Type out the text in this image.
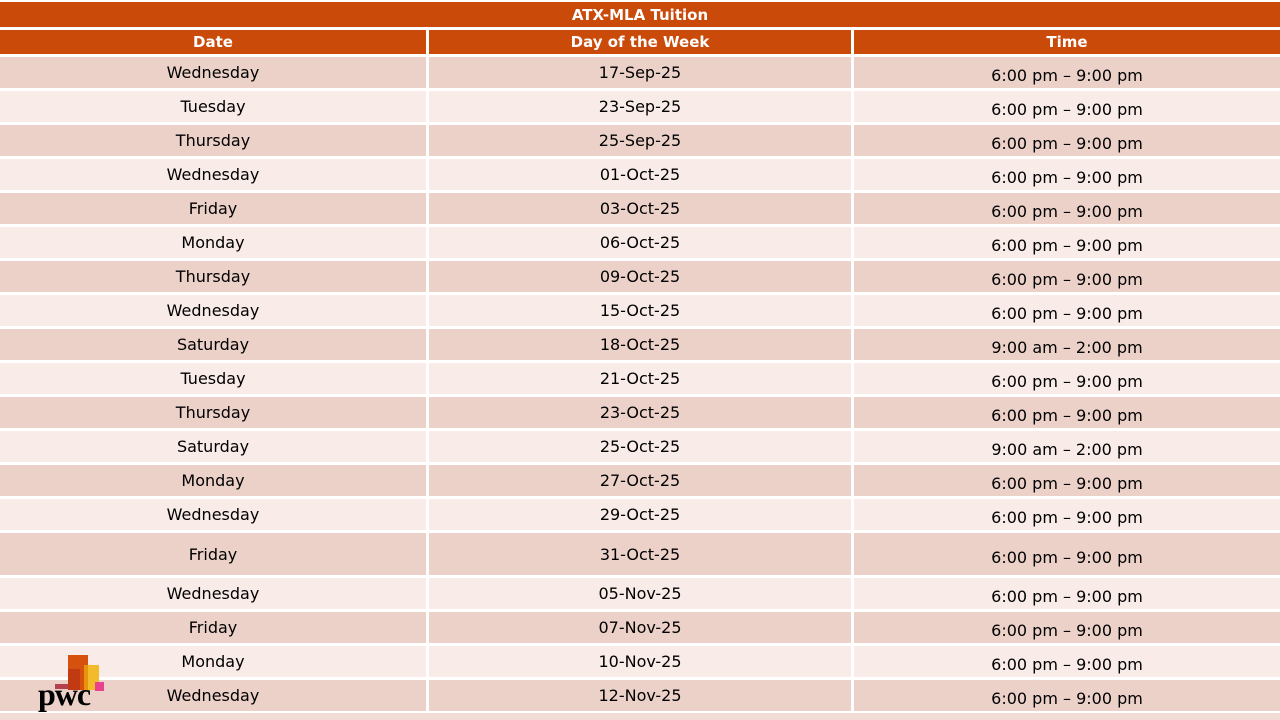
ATX-MLA Tuition
Date	Day of the Week	Time
Wednesday	17-Sep-25	6:00 pm – 9:00 pm
Tuesday	23-Sep-25	6:00 pm – 9:00 pm
Thursday	25-Sep-25	6:00 pm – 9:00 pm
Wednesday	01-Oct-25	6:00 pm – 9:00 pm
Friday	03-Oct-25	6:00 pm – 9:00 pm
Monday	06-Oct-25	6:00 pm – 9:00 pm
Thursday	09-Oct-25	6:00 pm – 9:00 pm
Wednesday	15-Oct-25	6:00 pm – 9:00 pm
Saturday	18-Oct-25	9:00 am – 2:00 pm
Tuesday	21-Oct-25	6:00 pm – 9:00 pm
Thursday	23-Oct-25	6:00 pm – 9:00 pm
Saturday	25-Oct-25	9:00 am – 2:00 pm
Monday	27-Oct-25	6:00 pm – 9:00 pm
Wednesday	29-Oct-25	6:00 pm – 9:00 pm
Friday	31-Oct-25	6:00 pm – 9:00 pm
Wednesday	05-Nov-25	6:00 pm – 9:00 pm
Friday	07-Nov-25	6:00 pm – 9:00 pm
Monday	10-Nov-25	6:00 pm – 9:00 pm
Wednesday	12-Nov-25	6:00 pm – 9:00 pm
pwc
